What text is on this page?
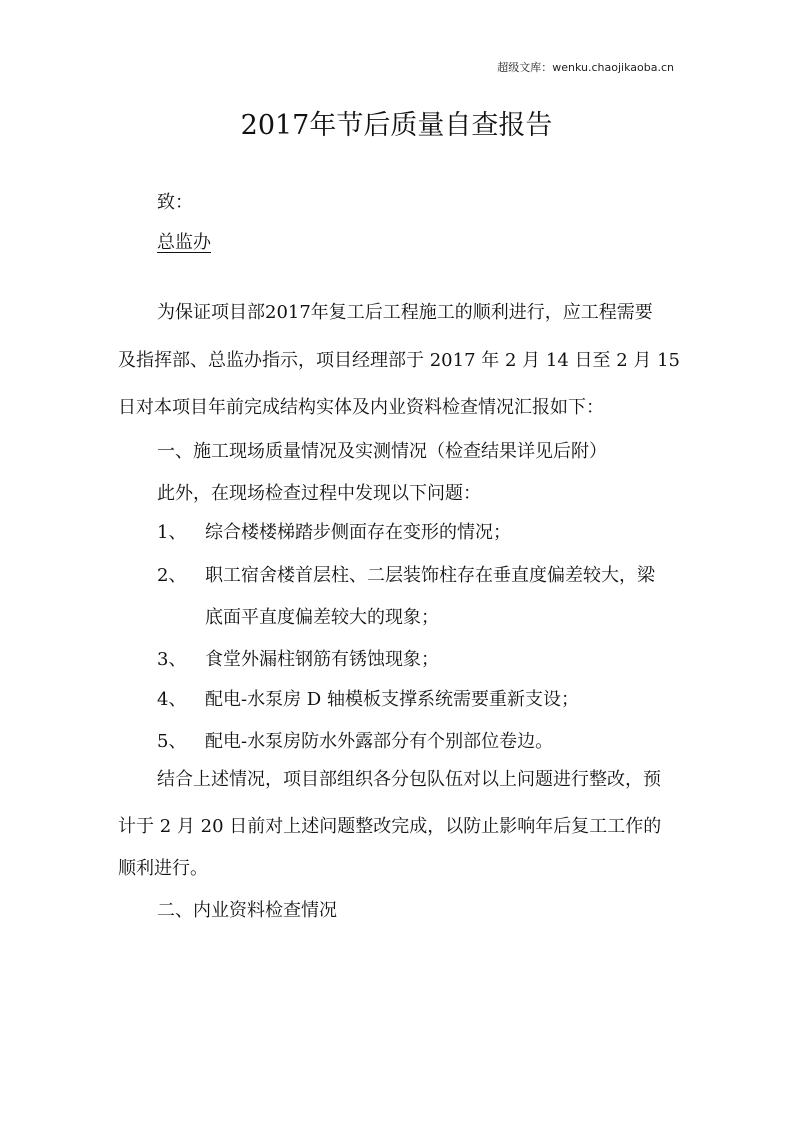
超级文库：wenku.chaojikaoba.cn
2017年节后质量自查报告
致：
总监办
为保证项目部2017年复工后工程施工的顺利进行，应工程需要
及指挥部、总监办指示，项目经理部于 2017 年 2 月 14 日至 2 月 15
日对本项目年前完成结构实体及内业资料检查情况汇报如下：
一、施工现场质量情况及实测情况（检查结果详见后附）
此外，在现场检查过程中发现以下问题：
1、 综合楼楼梯踏步侧面存在变形的情况；
2、 职工宿舍楼首层柱、二层装饰柱存在垂直度偏差较大，梁
底面平直度偏差较大的现象；
3、 食堂外漏柱钢筋有锈蚀现象；
4、 配电-水泵房 D 轴模板支撑系统需要重新支设；
5、 配电-水泵房防水外露部分有个别部位卷边。
结合上述情况，项目部组织各分包队伍对以上问题进行整改，预
计于 2 月 20 日前对上述问题整改完成，以防止影响年后复工工作的
顺利进行。
二、内业资料检查情况
